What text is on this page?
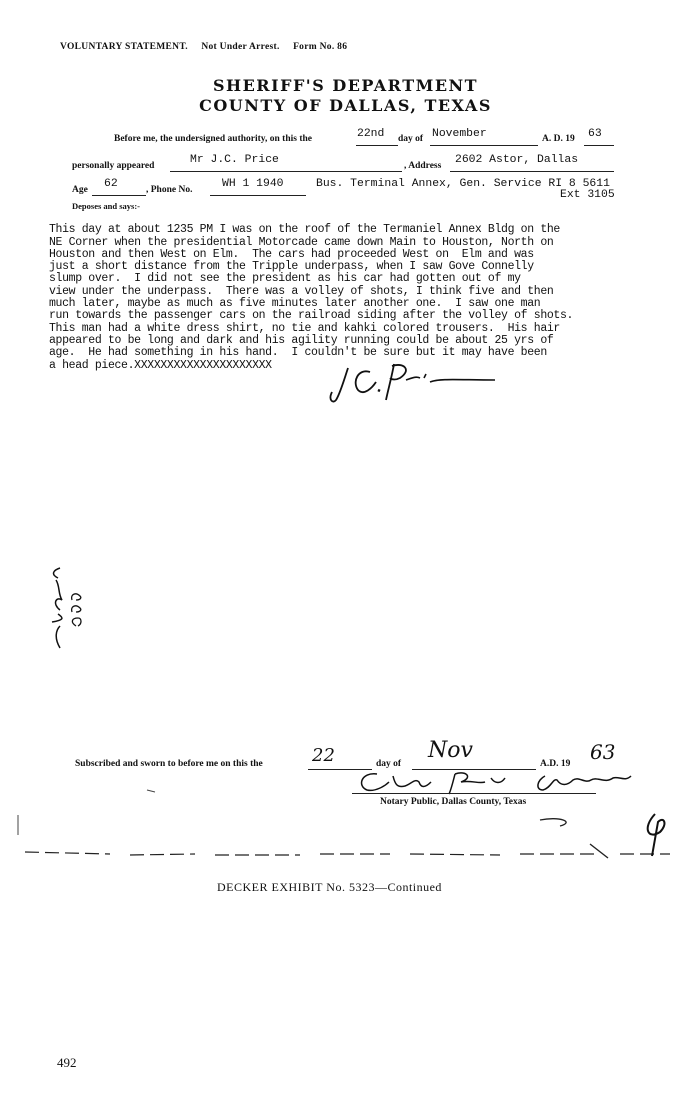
VOLUNTARY STATEMENT. Not Under Arrest. Form No. 86
SHERIFF'S DEPARTMENT
COUNTY OF DALLAS, TEXAS
Before me, the undersigned authority, on this the	22nd day of November	A. D. 19 63
personally appeared	Mr J.C. Price	, Address 2602 Astor, Dallas
Age 62	, Phone No.	WH 1 1940	Bus. Terminal Annex, Gen. Service RI 8 5611
Ext 3105
Deposes and says:-

This day at about 1235 PM I was on the roof of the Termaniel Annex Bldg on the
NE Corner when the presidential Motorcade came down Main to Houston, North on
Houston and then West on Elm.  The cars had proceeded West on  Elm and was
just a short distance from the Tripple underpass, when I saw Gove Connelly
slump over.  I did not see the president as his car had gotten out of my
view under the underpass.  There was a volley of shots, I think five and then
much later, maybe as much as five minutes later another one.  I saw one man
run towards the passenger cars on the railroad siding after the volley of shots.
This man had a white dress shirt, no tie and kahki colored trousers.  His hair
appeared to be long and dark and his agility running could be about 25 yrs of
age.  He had something in his hand.  I couldn't be sure but it may have been
a head piece.XXXXXXXXXXXXXXXXXXXXX

Subscribed and sworn to before me on this the	22	day of
Nov
A.D. 19 63
Notary Public, Dallas County, Texas
DECKER EXHIBIT No. 5323—Continued
492
